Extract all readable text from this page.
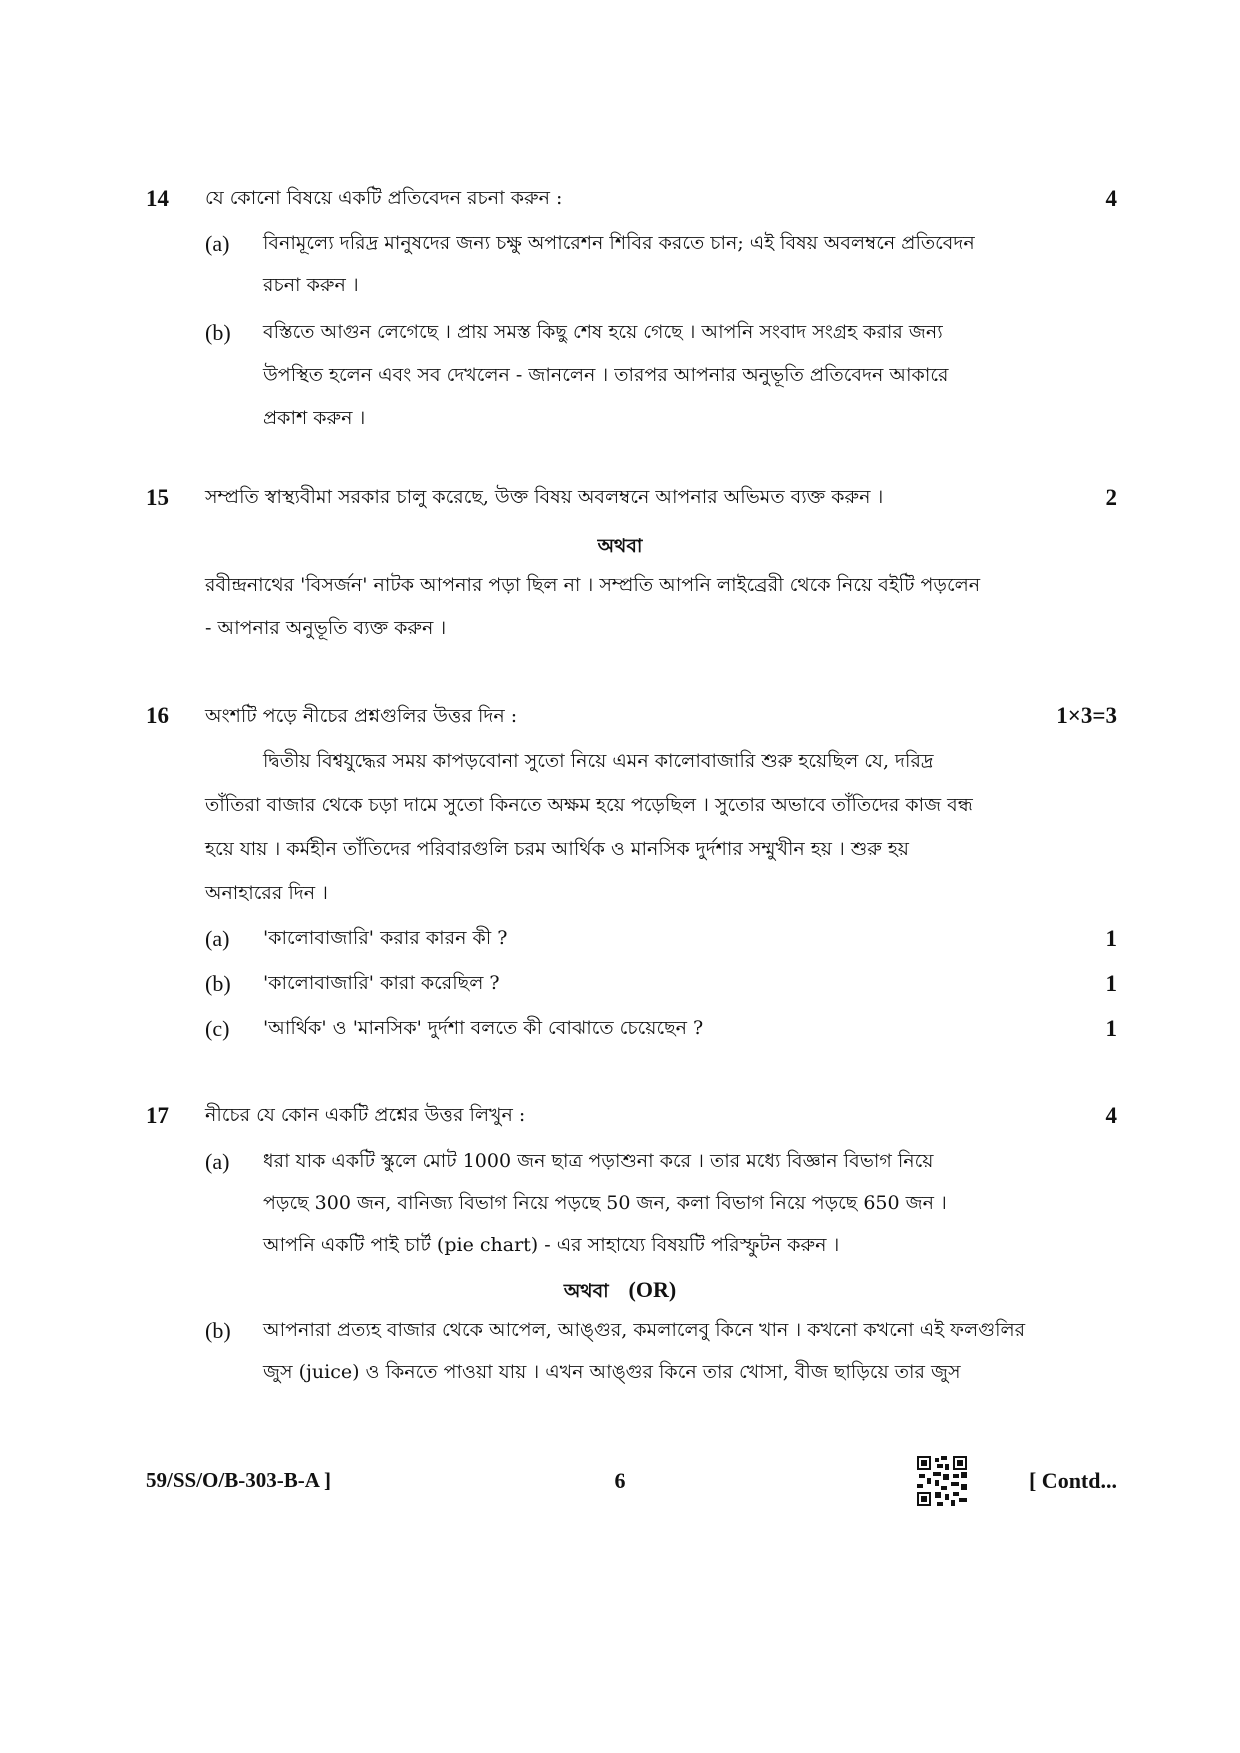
14	যে কোনো বিষয়ে একটি প্রতিবেদন রচনা করুন :	4
(a) বিনামূল্যে দরিদ্র মানুষদের জন্য চক্ষু অপারেশন শিবির করতে চান; এই বিষয় অবলম্বনে প্রতিবেদন
রচনা করুন ।
(b) বস্তিতে আগুন লেগেছে । প্রায় সমস্ত কিছু শেষ হয়ে গেছে । আপনি সংবাদ সংগ্রহ করার জন্য
উপস্থিত হলেন এবং সব দেখলেন - জানলেন । তারপর আপনার অনুভূতি প্রতিবেদন আকারে
প্রকাশ করুন ।
15	সম্প্রতি স্বাস্থ্যবীমা সরকার চালু করেছে, উক্ত বিষয় অবলম্বনে আপনার অভিমত ব্যক্ত করুন ।	2
অথবা
রবীন্দ্রনাথের 'বিসর্জন' নাটক আপনার পড়া ছিল না । সম্প্রতি আপনি লাইব্রেরী থেকে নিয়ে বইটি পড়লেন
- আপনার অনুভূতি ব্যক্ত করুন ।
16	অংশটি পড়ে নীচের প্রশ্নগুলির উত্তর দিন :	1×3=3
দ্বিতীয় বিশ্বযুদ্ধের সময় কাপড়বোনা সুতো নিয়ে এমন কালোবাজারি শুরু হয়েছিল যে, দরিদ্র
তাঁতিরা বাজার থেকে চড়া দামে সুতো কিনতে অক্ষম হয়ে পড়েছিল । সুতোর অভাবে তাঁতিদের কাজ বন্ধ
হয়ে যায় । কর্মহীন তাঁতিদের পরিবারগুলি চরম আর্থিক ও মানসিক দুর্দশার সম্মুখীন হয় । শুরু হয়
অনাহারের দিন ।
(a) 'কালোবাজারি' করার কারন কী ?	1
(b) 'কালোবাজারি' কারা করেছিল ?	1
(c) 'আর্থিক' ও 'মানসিক' দুর্দশা বলতে কী বোঝাতে চেয়েছেন ?	1
17	নীচের যে কোন একটি প্রশ্নের উত্তর লিখুন :	4
(a) ধরা যাক একটি স্কুলে মোট 1000 জন ছাত্র পড়াশুনা করে । তার মধ্যে বিজ্ঞান বিভাগ নিয়ে
পড়ছে 300 জন, বানিজ্য বিভাগ নিয়ে পড়ছে 50 জন, কলা বিভাগ নিয়ে পড়ছে 650 জন ।
আপনি একটি পাই চার্ট (pie chart) - এর সাহায্যে বিষয়টি পরিস্ফুটন করুন ।
অথবা (OR)
(b) আপনারা প্রত্যহ বাজার থেকে আপেল, আঙ্গুর, কমলালেবু কিনে খান । কখনো কখনো এই ফলগুলির
59/SS/O/B-303-B-A ]	6	[ Contd...
জুস (juice) ও কিনতে পাওয়া যায় । এখন আঙ্গুর কিনে তার খোসা, বীজ ছাড়িয়ে তার জুস
